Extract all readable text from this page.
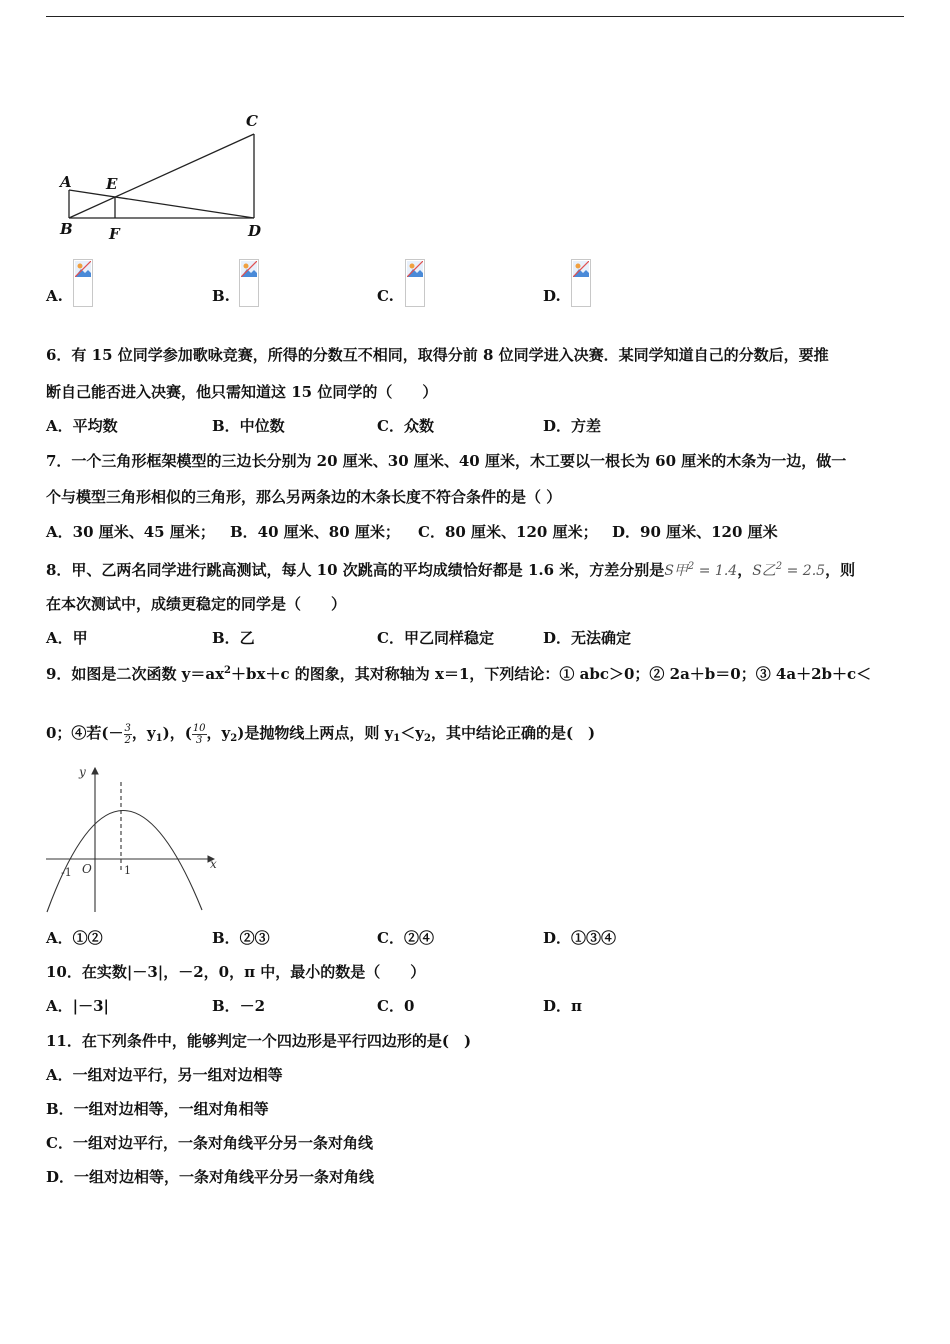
C
A E
B F	D
A.	B.	C.	D.
6．有 15 位同学参加歌咏竞赛，所得的分数互不相同，取得分前 8 位同学进入决赛．某同学知道自己的分数后，要推
断自己能否进入决赛，他只需知道这 15 位同学的（　　）
A．平均数	B．中位数	C．众数	D．方差
7．一个三角形框架模型的三边长分别为 20 厘米、30 厘米、40 厘米，木工要以一根长为 60 厘米的木条为一边，做一
个与模型三角形相似的三角形，那么另两条边的木条长度不符合条件的是（ ）
A．30 厘米、45 厘米； B．40 厘米、80 厘米； C．80 厘米、120 厘米； D．90 厘米、120 厘米
8．甲、乙两名同学进行跳高测试，每人 10 次跳高的平均成绩恰好都是 1.6 米，方差分别是S甲$^2$ = 1.4，S乙$^2$ = 2.5，则
在本次测试中，成绩更稳定的同学是（　　）
A．甲	B．乙	C．甲乙同样稳定	D．无法确定
9．如图是二次函数 $y=ax^2+bx+c$ 的图象，其对称轴为 x＝1，下列结论：① abc＞0；② 2a＋b＝0；③ 4a＋2b＋c＜
0；④若(－ $\frac{3}{2}$ ，$y_1$)，( $\frac{10}{3}$ ，$y_2$)是抛物线上两点，则 $y_1<y_2$，其中结论正确的是(　)
y
x
O
-1	1
A．①②	B．②③	C．②④	D．①③④
10．在实数|－3|，－2，0，π 中，最小的数是（　　）
A．|－3|	B．－2	C．0	D．π
11．在下列条件中，能够判定一个四边形是平行四边形的是(　)
A．一组对边平行，另一组对边相等
B．一组对边相等，一组对角相等
C．一组对边平行，一条对角线平分另一条对角线
D．一组对边相等，一条对角线平分另一条对角线
